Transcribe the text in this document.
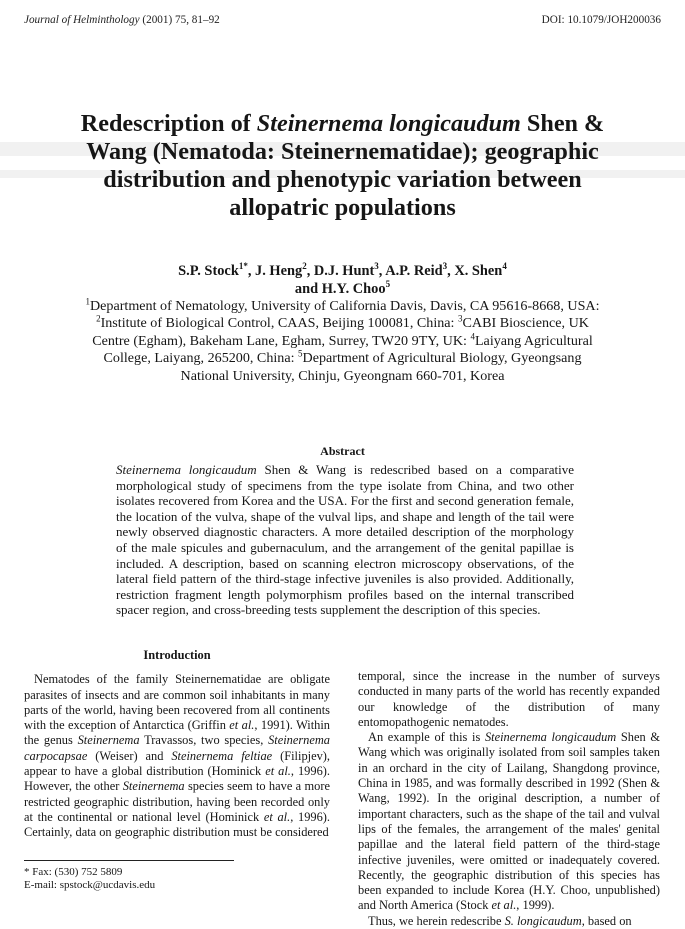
Journal of Helminthology (2001) 75, 81–92	DOI: 10.1079/JOH200036
Redescription of Steinernema longicaudum Shen & Wang (Nematoda: Steinernematidae); geographic distribution and phenotypic variation between allopatric populations
S.P. Stock$^{1*}$, J. Heng$^2$, D.J. Hunt$^3$, A.P. Reid$^3$, X. Shen$^4$
and H.Y. Choo$^5$
$^1$Department of Nematology, University of California Davis, Davis, CA 95616-8668, USA: $^2$Institute of Biological Control, CAAS, Beijing 100081, China: $^3$CABI Bioscience, UK Centre (Egham), Bakeham Lane, Egham, Surrey, TW20 9TY, UK: $^4$Laiyang Agricultural College, Laiyang, 265200, China: $^5$Department of Agricultural Biology, Gyeongsang National University, Chinju, Gyeongnam 660-701, Korea
Abstract
Steinernema longicaudum Shen & Wang is redescribed based on a comparative morphological study of specimens from the type isolate from China, and two other isolates recovered from Korea and the USA. For the first and second generation female, the location of the vulva, shape of the vulval lips, and shape and length of the tail were newly observed diagnostic characters. A more detailed description of the morphology of the male spicules and gubernaculum, and the arrangement of the genital papillae is included. A description, based on scanning electron microscopy observations, of the lateral field pattern of the third-stage infective juveniles is also provided. Additionally, restriction fragment length polymorphism profiles based on the internal transcribed spacer region, and cross-breeding tests supplement the description of this species.
Introduction

Nematodes of the family Steinernematidae are obligate parasites of insects and are common soil inhabitants in many parts of the world, having been recovered from all continents with the exception of Antarctica (Griffin et al., 1991). Within the genus Steinernema Travassos, two species, Steinernema carpocapsae (Weiser) and Steinernema feltiae (Filipjev), appear to have a global distribution (Hominick et al., 1996). However, the other Steinernema species seem to have a more restricted geographic distribution, having been recorded only at the continental or national level (Hominick et al., 1996). Certainly, data on geographic distribution must be considered

temporal, since the increase in the number of surveys conducted in many parts of the world has recently expanded our knowledge of the distribution of many entomopathogenic nematodes.

An example of this is Steinernema longicaudum Shen & Wang which was originally isolated from soil samples taken in an orchard in the city of Lailang, Shangdong province, China in 1985, and was formally described in 1992 (Shen & Wang, 1992). In the original description, a number of important characters, such as the shape of the tail and vulval lips of the females, the arrangement of the males' genital papillae and the lateral field pattern of the third-stage infective juveniles, were omitted or inadequately covered. Recently, the geographic distribution of this species has been expanded to include Korea (H.Y. Choo, unpublished) and North America (Stock et al., 1999).

Thus, we herein redescribe S. longicaudum, based on

* Fax: (530) 752 5809
E-mail: spstock@ucdavis.edu
